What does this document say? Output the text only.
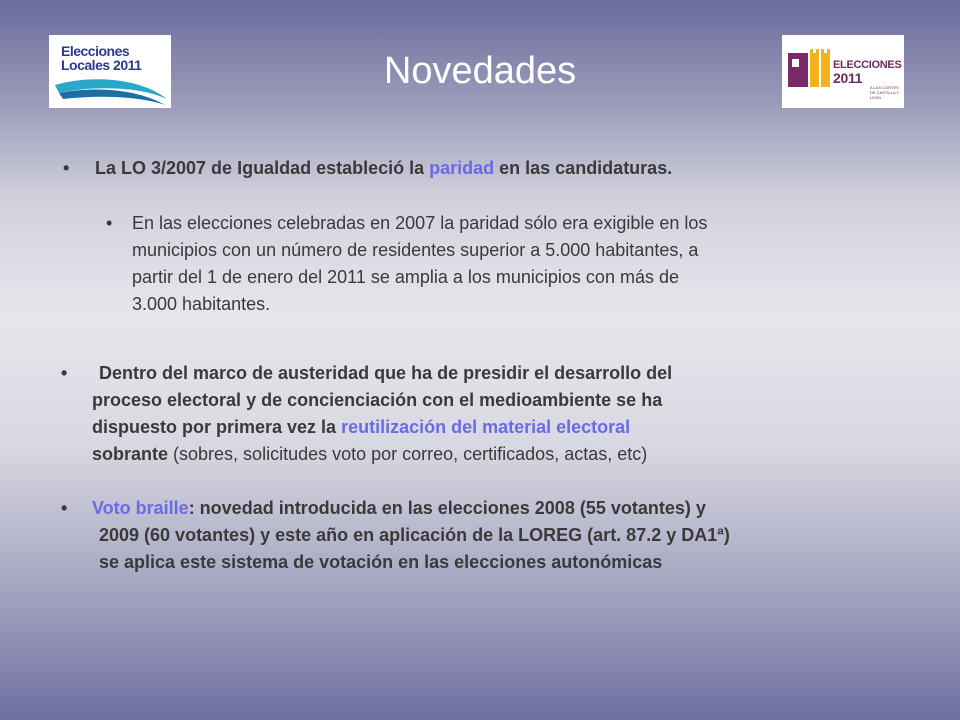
Elecciones
Locales 2011	ELECCIONES
2011
A LAS CORTES DE CASTILLA Y LEÓN
Novedades

• La LO 3/2007 de Igualdad estableció la paridad en las candidaturas.

• En las elecciones celebradas en 2007 la paridad sólo era exigible en los
municipios con un número de residentes superior a 5.000 habitantes, a
partir del 1 de enero del 2011 se amplia a los municipios con más de
3.000 habitantes.
•	Dentro del marco de austeridad que ha de presidir el desarrollo del
proceso electoral y de concienciación con el medioambiente se ha
dispuesto por primera vez la reutilización del material electoral
sobrante (sobres, solicitudes voto por correo, certificados, actas, etc)
• Voto braille: novedad introducida en las elecciones 2008 (55 votantes) y
2009 (60 votantes) y este año en aplicación de la LOREG (art. 87.2 y DA1ª)
se aplica este sistema de votación en las elecciones autonómicas
